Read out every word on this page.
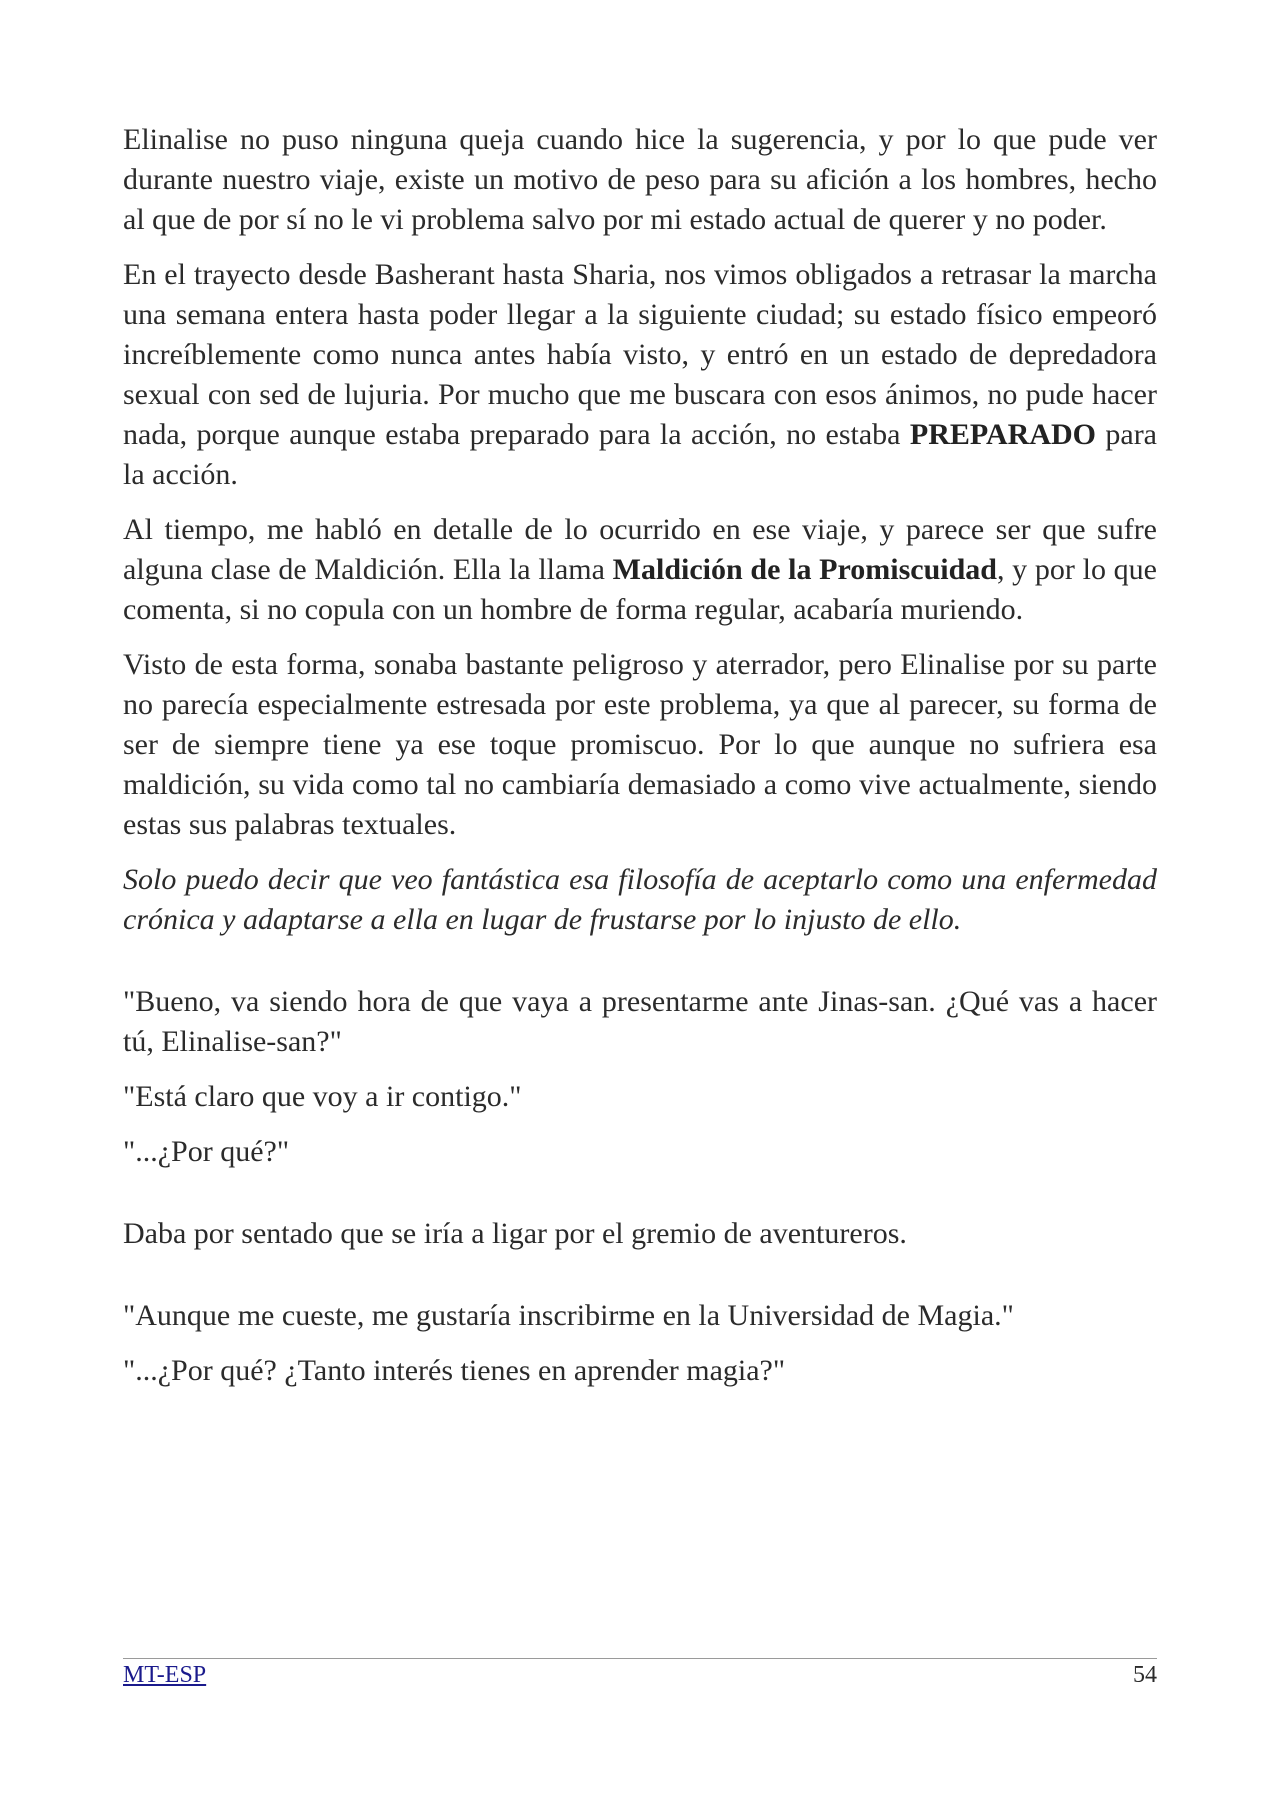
Elinalise no puso ninguna queja cuando hice la sugerencia, y por lo que pude ver durante nuestro viaje, existe un motivo de peso para su afición a los hombres, hecho al que de por sí no le vi problema salvo por mi estado actual de querer y no poder.

En el trayecto desde Basherant hasta Sharia, nos vimos obligados a retrasar la marcha una semana entera hasta poder llegar a la siguiente ciudad; su estado físico empeoró increíblemente como nunca antes había visto, y entró en un estado de depredadora sexual con sed de lujuria. Por mucho que me buscara con esos ánimos, no pude hacer nada, porque aunque estaba preparado para la acción, no estaba PREPARADO para la acción.

Al tiempo, me habló en detalle de lo ocurrido en ese viaje, y parece ser que sufre alguna clase de Maldición. Ella la llama Maldición de la Promiscuidad, y por lo que comenta, si no copula con un hombre de forma regular, acabaría muriendo.

Visto de esta forma, sonaba bastante peligroso y aterrador, pero Elinalise por su parte no parecía especialmente estresada por este problema, ya que al parecer, su forma de ser de siempre tiene ya ese toque promiscuo. Por lo que aunque no sufriera esa maldición, su vida como tal no cambiaría demasiado a como vive actualmente, siendo estas sus palabras textuales.

Solo puedo decir que veo fantástica esa filosofía de aceptarlo como una enfermedad crónica y adaptarse a ella en lugar de frustarse por lo injusto de ello.

"Bueno, va siendo hora de que vaya a presentarme ante Jinas-san. ¿Qué vas a hacer tú, Elinalise-san?"

"Está claro que voy a ir contigo."

"...¿Por qué?"

Daba por sentado que se iría a ligar por el gremio de aventureros.

"Aunque me cueste, me gustaría inscribirme en la Universidad de Magia."

"...¿Por qué? ¿Tanto interés tienes en aprender magia?"

MT-ESP	54
